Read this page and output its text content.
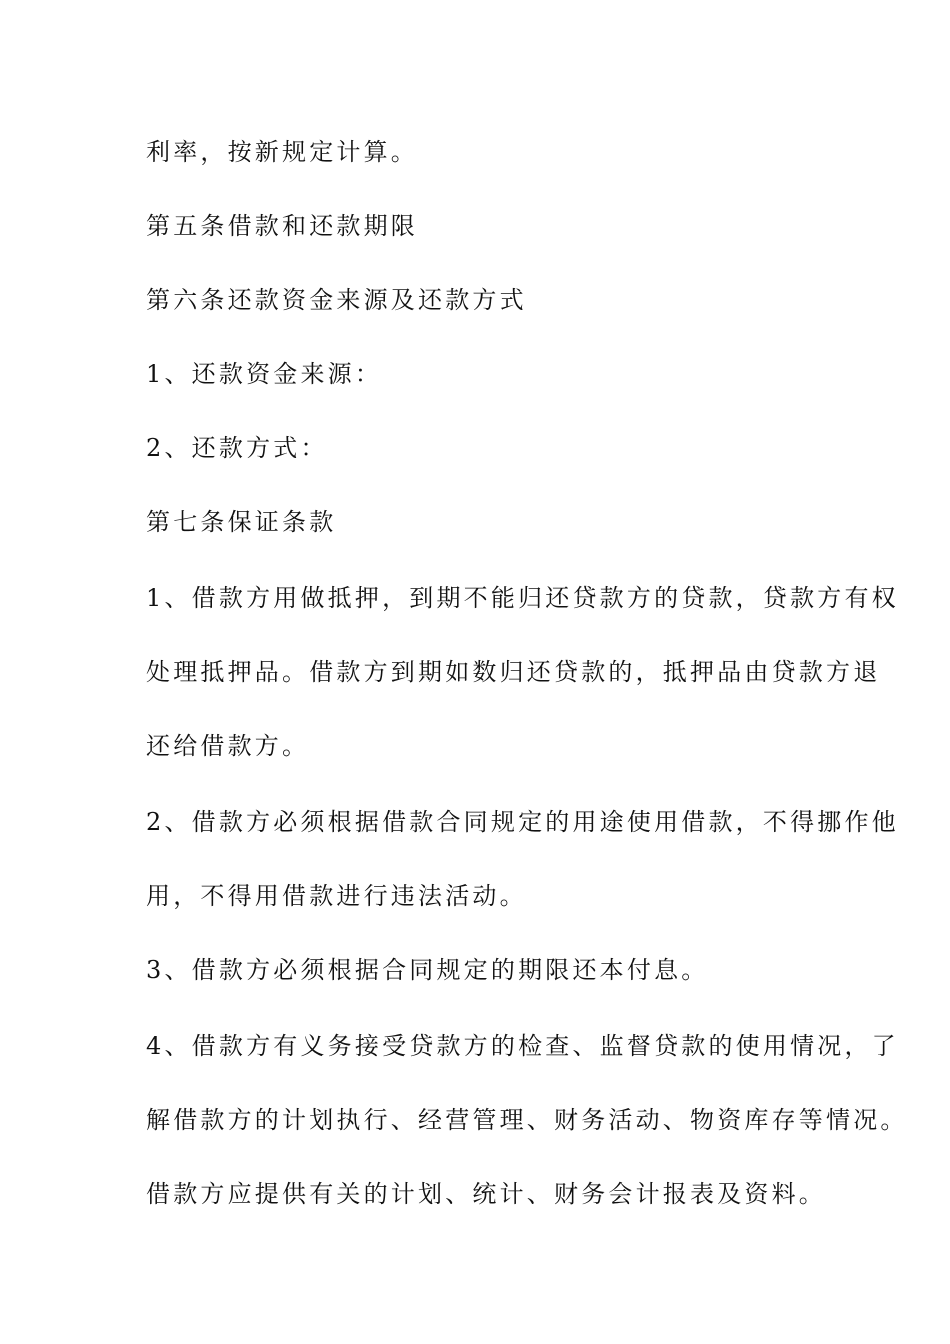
利率，按新规定计算。
第五条借款和还款期限
第六条还款资金来源及还款方式
1、还款资金来源：
2、还款方式：
第七条保证条款
1、借款方用做抵押，到期不能归还贷款方的贷款，贷款方有权
处理抵押品。借款方到期如数归还贷款的，抵押品由贷款方退
还给借款方。
2、借款方必须根据借款合同规定的用途使用借款，不得挪作他
用，不得用借款进行违法活动。
3、借款方必须根据合同规定的期限还本付息。
4、借款方有义务接受贷款方的检查、监督贷款的使用情况，了
解借款方的计划执行、经营管理、财务活动、物资库存等情况。
借款方应提供有关的计划、统计、财务会计报表及资料。
